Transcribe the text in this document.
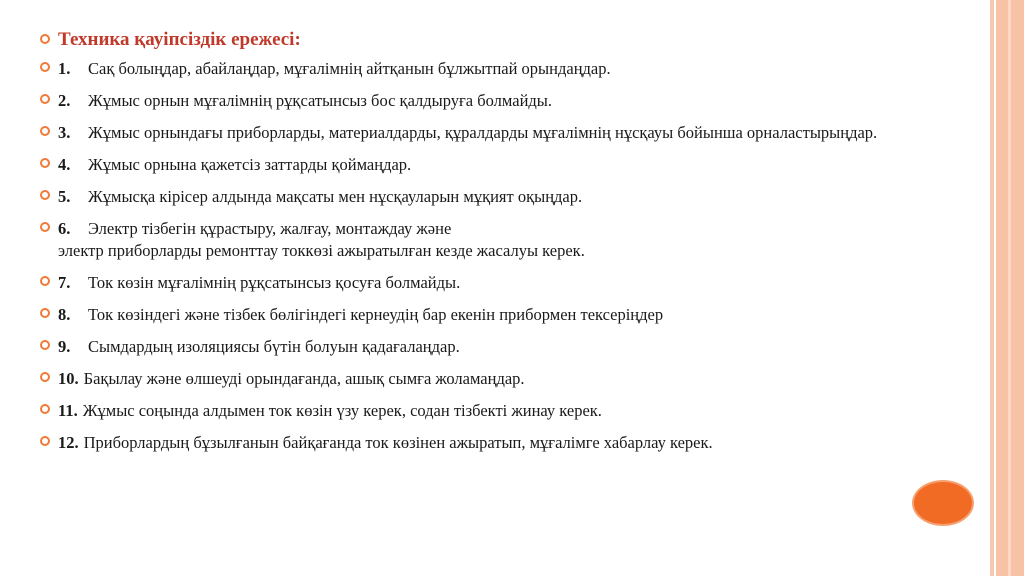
Техника қауіпсіздік ережесі:
1. Сақ болыңдар, абайлаңдар, мұғалімнің айтқанын бұлжытпай орындаңдар.
2. Жұмыс орнын мұғалімнің рұқсатынсыз бос қалдыруға болмайды.
3. Жұмыс орнындағы приборларды, материалдарды, құралдарды мұғалімнің нұсқауы бойынша орналастырыңдар.
4. Жұмыс орнына қажетсіз заттарды қоймаңдар.
5. Жұмысқа кірісер алдында мақсаты мен нұсқауларын мұқият оқыңдар.
6. Электр тізбегін құрастыру, жалғау, монтаждау және
электр приборларды ремонттау токкөзі ажыратылған кезде жасалуы керек.
7. Ток көзін мұғалімнің рұқсатынсыз қосуға болмайды.
8. Ток көзіндегі және тізбек бөлігіндегі кернеудің бар екенін прибормен тексеріңдер
9. Сымдардың изоляциясы бүтін болуын қадағалаңдар.
10. Бақылау және өлшеуді орындағанда, ашық сымға жоламаңдар.
11. Жұмыс соңында алдымен ток көзін үзу керек, содан тізбекті жинау керек.
12. Приборлардың бұзылғанын байқағанда ток көзінен ажыратып, мұғалімге хабарлау керек.
